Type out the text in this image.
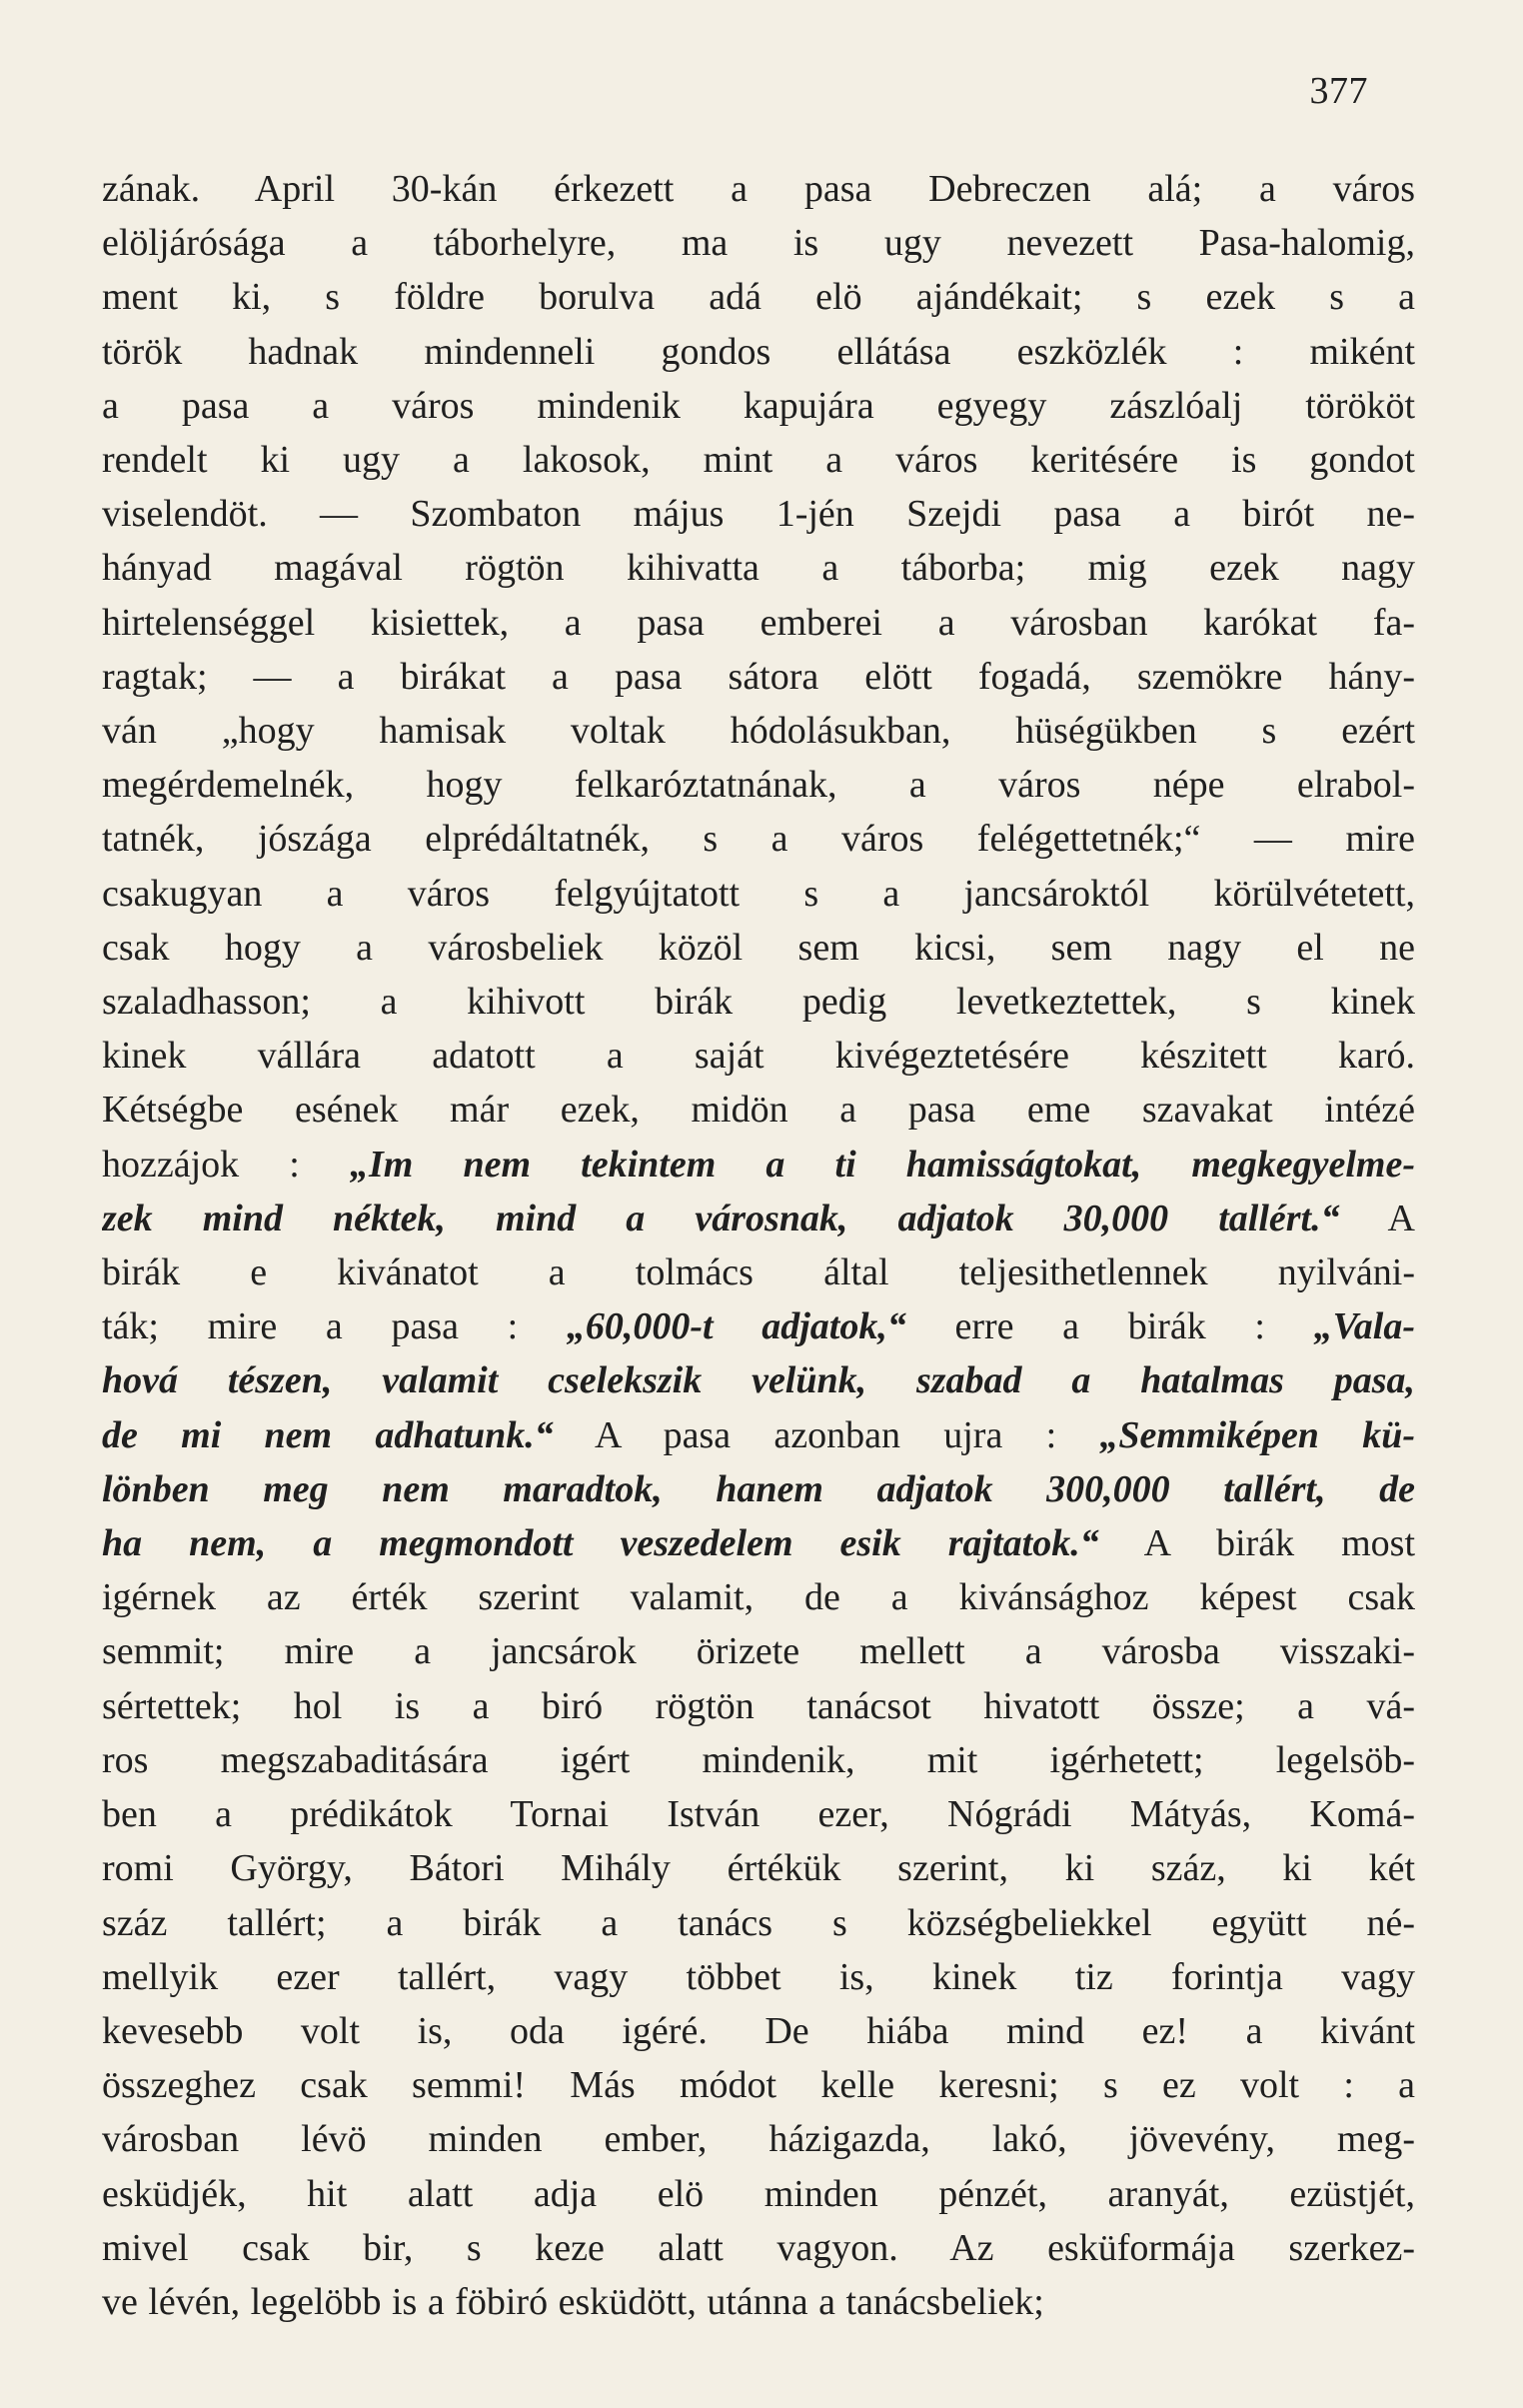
377
zának. April 30-kán érkezett a pasa Debreczen alá; a város
elöljárósága a táborhelyre, ma is ugy nevezett Pasa-halomig,
ment ki, s földre borulva adá elö ajándékait; s ezek s a
török hadnak mindenneli gondos ellátása eszközlék : miként
a pasa a város mindenik kapujára egyegy zászlóalj törököt
rendelt ki ugy a lakosok, mint a város keritésére is gondot
viselendöt. — Szombaton május 1-jén Szejdi pasa a birót ne-
hányad magával rögtön kihivatta a táborba; mig ezek nagy
hirtelenséggel kisiettek, a pasa emberei a városban karókat fa-
ragtak; — a birákat a pasa sátora elött fogadá, szemökre hány-
ván „hogy hamisak voltak hódolásukban, hüségükben s ezért
megérdemelnék, hogy felkaróztatnának, a város népe elrabol-
tatnék, jószága elprédáltatnék, s a város felégettetnék;“ — mire
csakugyan a város felgyújtatott s a jancsároktól körülvétetett,
csak hogy a városbeliek közöl sem kicsi, sem nagy el ne
szaladhasson; a kihivott birák pedig levetkeztettek, s kinek
kinek vállára adatott a saját kivégeztetésére készitett karó.
Kétségbe esének már ezek, midön a pasa eme szavakat intézé
hozzájok : „Im nem tekintem a ti hamisságtokat, megkegyelme-
zek mind néktek, mind a városnak, adjatok 30,000 tallért.“ A
birák e kivánatot a tolmács által teljesithetlennek nyilváni-
ták; mire a pasa : „60,000-t adjatok,“ erre a birák : „Vala-
hová tészen, valamit cselekszik velünk, szabad a hatalmas pasa,
de mi nem adhatunk.“ A pasa azonban ujra : „Semmiképen kü-
lönben meg nem maradtok, hanem adjatok 300,000 tallért, de
ha nem, a megmondott veszedelem esik rajtatok.“ A birák most
igérnek az érték szerint valamit, de a kivánsághoz képest csak
semmit; mire a jancsárok örizete mellett a városba visszaki-
sértettek; hol is a biró rögtön tanácsot hivatott össze; a vá-
ros megszabaditására igért mindenik, mit igérhetett; legelsöb-
ben a prédikátok Tornai István ezer, Nógrádi Mátyás, Komá-
romi György, Bátori Mihály értékük szerint, ki száz, ki két
száz tallért; a birák a tanács s községbeliekkel együtt né-
mellyik ezer tallért, vagy többet is, kinek tiz forintja vagy
kevesebb volt is, oda igéré. De hiába mind ez! a kivánt
összeghez csak semmi! Más módot kelle keresni; s ez volt : a
városban lévö minden ember, házigazda, lakó, jövevény, meg-
esküdjék, hit alatt adja elö minden pénzét, aranyát, ezüstjét,
mivel csak bir, s keze alatt vagyon. Az esküformája szerkez-
ve lévén, legelöbb is a föbiró esküdött, utánna a tanácsbeliek;
